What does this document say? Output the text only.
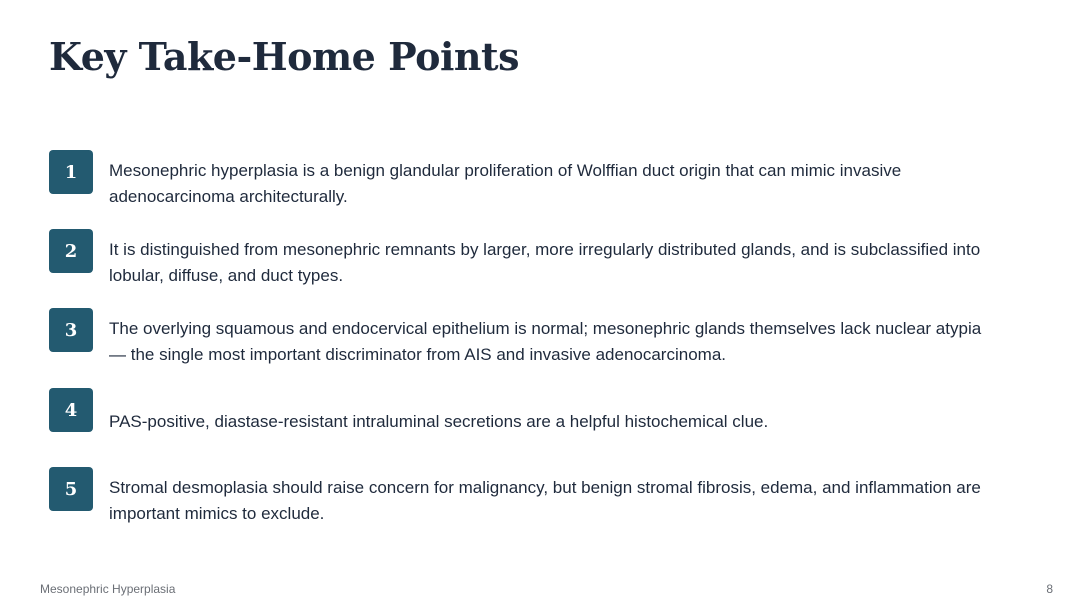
Key Take-Home Points
1	Mesonephric hyperplasia is a benign glandular proliferation of Wolffian duct origin that can mimic invasive adenocarcinoma architecturally.
2	It is distinguished from mesonephric remnants by larger, more irregularly distributed glands, and is subclassified into lobular, diffuse, and duct types.
3	The overlying squamous and endocervical epithelium is normal; mesonephric glands themselves lack nuclear atypia — the single most important discriminator from AIS and invasive adenocarcinoma.
4
PAS-positive, diastase-resistant intraluminal secretions are a helpful histochemical clue.
5	Stromal desmoplasia should raise concern for malignancy, but benign stromal fibrosis, edema, and inflammation are important mimics to exclude.
Mesonephric Hyperplasia	8
